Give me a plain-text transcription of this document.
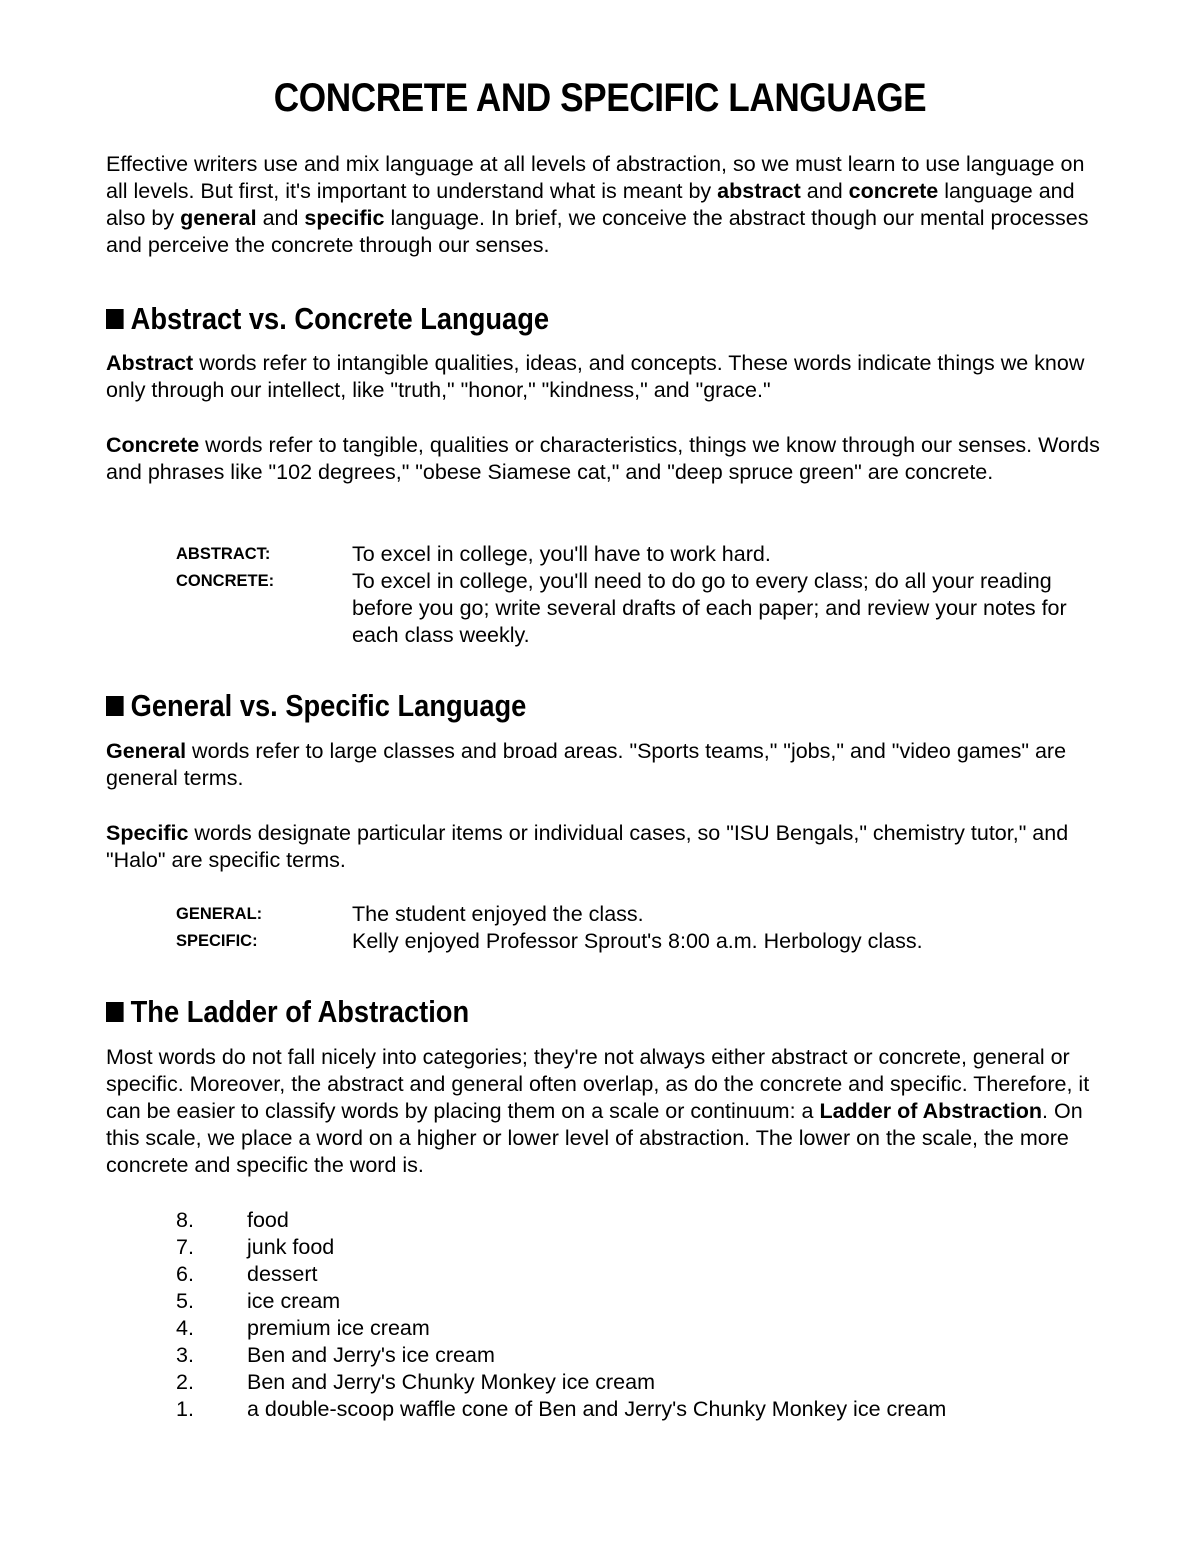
CONCRETE AND SPECIFIC LANGUAGE

Effective writers use and mix language at all levels of abstraction, so we must learn to use language on all levels. But first, it's important to understand what is meant by abstract and concrete language and also by general and specific language. In brief, we conceive the abstract though our mental processes and perceive the concrete through our senses.

Abstract vs. Concrete Language

Abstract words refer to intangible qualities, ideas, and concepts. These words indicate things we know only through our intellect, like "truth," "honor," "kindness," and "grace."

Concrete words refer to tangible, qualities or characteristics, things we know through our senses. Words and phrases like "102 degrees," "obese Siamese cat," and "deep spruce green" are concrete.

ABSTRACT:	To excel in college, you'll have to work hard.
CONCRETE:	To excel in college, you'll need to do go to every class; do all your reading before you go; write several drafts of each paper; and review your notes for each class weekly.
General vs. Specific Language

General words refer to large classes and broad areas. "Sports teams," "jobs," and "video games" are general terms.

Specific words designate particular items or individual cases, so "ISU Bengals," chemistry tutor," and "Halo" are specific terms.

GENERAL:	The student enjoyed the class.
SPECIFIC:	Kelly enjoyed Professor Sprout's 8:00 a.m. Herbology class.
The Ladder of Abstraction

Most words do not fall nicely into categories; they're not always either abstract or concrete, general or specific. Moreover, the abstract and general often overlap, as do the concrete and specific. Therefore, it can be easier to classify words by placing them on a scale or continuum: a Ladder of Abstraction. On this scale, we place a word on a higher or lower level of abstraction. The lower on the scale, the more concrete and specific the word is.

8.	food
7.	junk food
6.	dessert
5.	ice cream
4.	premium ice cream
3.	Ben and Jerry's ice cream
2.	Ben and Jerry's Chunky Monkey ice cream
1.	a double-scoop waffle cone of Ben and Jerry's Chunky Monkey ice cream
